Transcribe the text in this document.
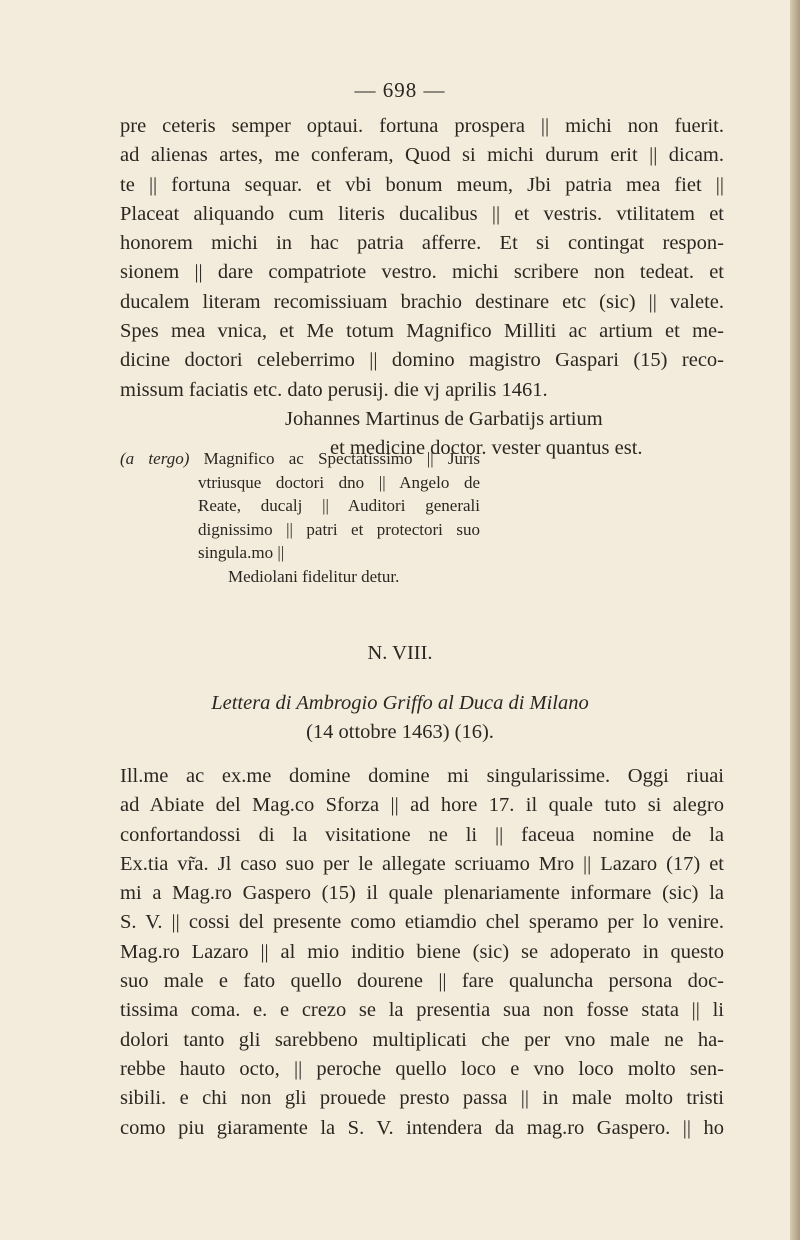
— 698 —
pre ceteris semper optaui. fortuna prospera || michi non fuerit.
ad alienas artes, me conferam, Quod si michi durum erit || dicam.
te || fortuna sequar. et vbi bonum meum, Jbi patria mea fiet ||
Placeat aliquando cum literis ducalibus || et vestris. vtilitatem et
honorem michi in hac patria afferre. Et si contingat respon-
sionem || dare compatriote vestro. michi scribere non tedeat. et
ducalem literam recomissiuam brachio destinare etc (sic) || valete.
Spes mea vnica, et Me totum Magnifico Milliti ac artium et me-
dicine doctori celeberrimo || domino magistro Gaspari (15) reco-
missum faciatis etc. dato perusij. die vj aprilis 1461.
Johannes Martinus de Garbatijs artium
et medicine doctor. vester quantus est.
(a tergo) Magnifico ac Spectatissimo || Juris
vtriusque doctori dno || Angelo de
Reate, ducalj || Auditori generali
dignissimo || patri et protectori suo
singula.mo ||
Mediolani fidelitur detur.
N. VIII.
Lettera di Ambrogio Griffo al Duca di Milano
(14 ottobre 1463) (16).
Ill.me ac ex.me domine domine mi singularissime. Oggi riuai
ad Abiate del Mag.co Sforza || ad hore 17. il quale tuto si alegro
confortandossi di la visitatione ne li || faceua nomine de la
Ex.tia vr̃a. Jl caso suo per le allegate scriuamo Mro || Lazaro (17) et
mi a Mag.ro Gaspero (15) il quale plenariamente informare (sic) la
S. V. || cossi del presente como etiamdio chel speramo per lo venire.
Mag.ro Lazaro || al mio inditio biene (sic) se adoperato in questo
suo male e fato quello dourene || fare qualuncha persona doc-
tissima coma. e. e crezo se la presentia sua non fosse stata || li
dolori tanto gli sarebbeno multiplicati che per vno male ne ha-
rebbe hauto octo, || peroche quello loco e vno loco molto sen-
sibili. e chi non gli prouede presto passa || in male molto tristi
como piu giaramente la S. V. intendera da mag.ro Gaspero. || ho
